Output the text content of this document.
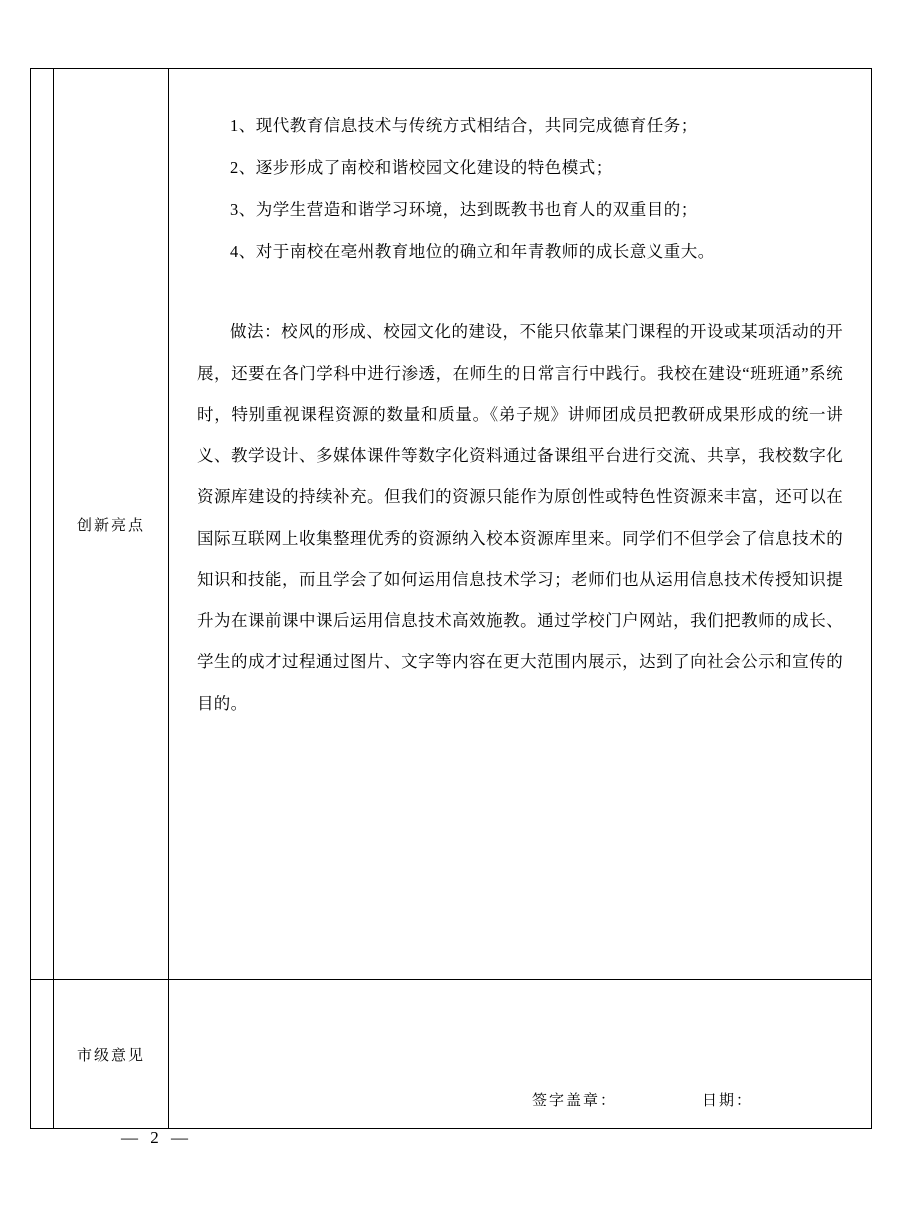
	创新亮点	1、现代教育信息技术与传统方式相结合，共同完成德育任务；
2、逐步形成了南校和谐校园文化建设的特色模式；
3、为学生营造和谐学习环境，达到既教书也育人的双重目的；
4、对于南校在亳州教育地位的确立和年青教师的成长意义重大。
做法：校风的形成、校园文化的建设，不能只依靠某门课程的开设或某项活动的开展，还要在各门学科中进行渗透，在师生的日常言行中践行。我校在建设“班班通”系统时，特别重视课程资源的数量和质量。《弟子规》讲师团成员把教研成果形成的统一讲义、教学设计、多媒体课件等数字化资料通过备课组平台进行交流、共享，我校数字化资源库建设的持续补充。但我们的资源只能作为原创性或特色性资源来丰富，还可以在国际互联网上收集整理优秀的资源纳入校本资源库里来。同学们不但学会了信息技术的知识和技能，而且学会了如何运用信息技术学习；老师们也从运用信息技术传授知识提升为在课前课中课后运用信息技术高效施教。通过学校门户网站，我们把教师的成长、学生的成才过程通过图片、文字等内容在更大范围内展示，达到了向社会公示和宣传的目的。

	市级意见	签字盖章： 日期：
— 2 —
